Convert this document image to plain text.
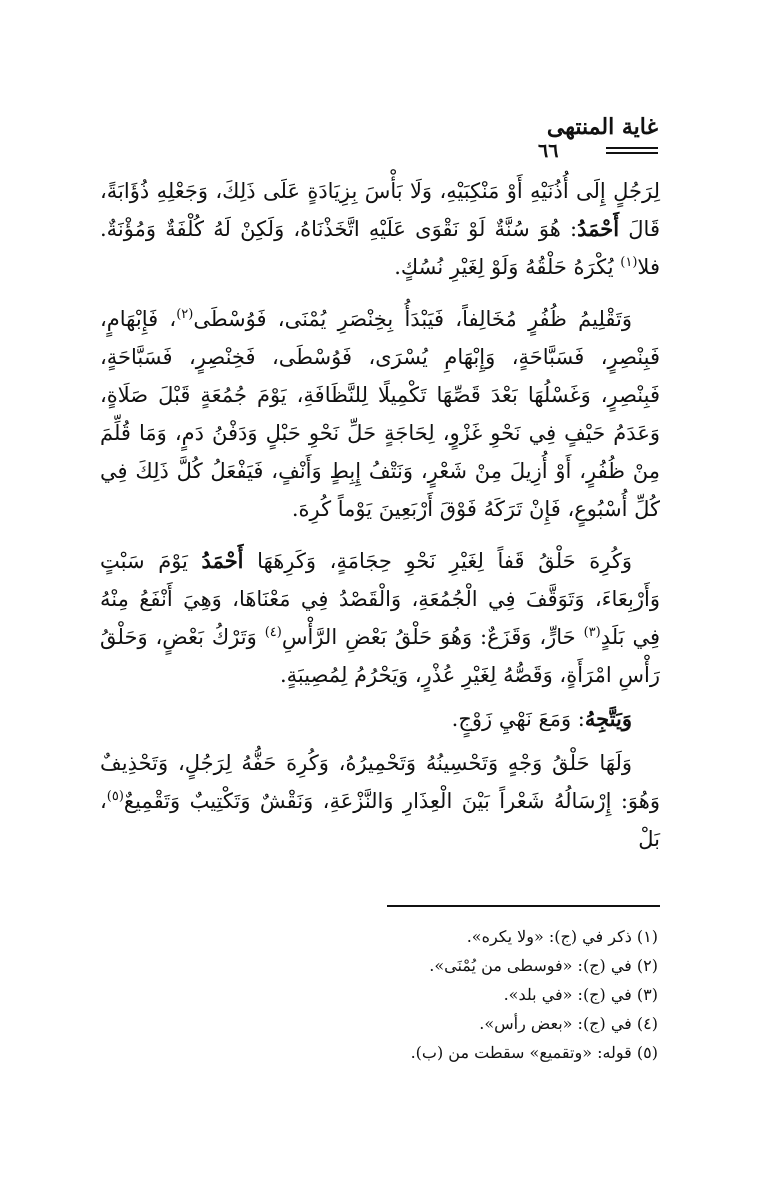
غاية المنتهى
٦٦

لِرَجُلٍ إِلَى أُذُنَيْهِ أَوْ مَنْكِبَيْهِ، وَلَا بَأْسَ بِزِيَادَةٍ عَلَى ذَلِكَ، وَجَعْلِهِ ذُؤَابَةً، قَالَ أَحْمَدُ: هُوَ سُنَّةٌ لَوْ نَقْوَى عَلَيْهِ اتَّخَذْنَاهُ، وَلَكِنْ لَهُ كُلْفَةٌ وَمُؤْنَةٌ. فلا$^{(١)}$ يُكْرَهُ حَلْقُهُ وَلَوْ لِغَيْرِ نُسُكٍ.

وَتَقْلِيمُ ظُفُرٍ مُخَالِفاً، فَيَبْدَأُ بِخِنْصَرِ يُمْنَى، فَوُسْطَى$^{(٢)}$، فَإِبْهَامٍ، فَبِنْصِرٍ، فَسَبَّاحَةٍ، وَإِبْهَامِ يُسْرَى، فَوُسْطَى، فَخِنْصِرٍ، فَسَبَّاحَةٍ، فَبِنْصِرٍ، وَغَسْلُهَا بَعْدَ قَصِّهَا تَكْمِيلًا لِلنَّظَافَةِ، يَوْمَ جُمُعَةٍ قَبْلَ صَلَاةٍ، وَعَدَمُ حَيْفٍ فِي نَحْوِ غَزْوٍ، لِحَاجَةٍ حَلِّ نَحْوِ حَبْلٍ وَدَفْنُ دَمٍ، وَمَا قُلِّمَ مِنْ ظُفُرٍ، أَوْ أُزِيلَ مِنْ شَعْرٍ، وَنَتْفُ إِبِطٍ وَأَنْفٍ، فَيَفْعَلُ كُلَّ ذَلِكَ فِي كُلِّ أُسْبُوعٍ، فَإِنْ تَرَكَهُ فَوْقَ أَرْبَعِينَ يَوْماً كُرِهَ.

وَكُرِهَ حَلْقُ قَفاً لِغَيْرِ نَحْوِ حِجَامَةٍ، وَكَرِهَهَا أَحْمَدُ يَوْمَ سَبْتٍ وَأَرْبِعَاءَ، وَتَوَقَّفَ فِي الْجُمُعَةِ، وَالْقَصْدُ فِي مَعْنَاهَا، وَهِيَ أَنْفَعُ مِنْهُ فِي بَلَدٍ$^{(٣)}$ حَارٍّ، وَقَزَعٌ: وَهُوَ حَلْقُ بَعْضِ الرَّأْسِ$^{(٤)}$ وَتَرْكُ بَعْضٍ، وَحَلْقُ رَأْسِ امْرَأَةٍ، وَقَصُّهُ لِغَيْرِ عُذْرٍ، وَيَحْرُمُ لِمُصِيبَةٍ.

وَيَتَّجِهُ: وَمَعَ نَهْيِ زَوْجٍ.

وَلَهَا حَلْقُ وَجْهٍ وَتَحْسِينُهُ وَتَحْمِيرُهُ، وَكُرِهَ حَفُّهُ لِرَجُلٍ، وَتَحْذِيفٌ وَهُوَ: إِرْسَالُهُ شَعْراً بَيْنَ الْعِذَارِ وَالنَّزْعَةِ، وَنَقْشٌ وَتَكْتِيبٌ وَتَقْمِيعٌ$^{(٥)}$، بَلْ

(١) ذكر في (ج): «ولا يكره».

(٢) في (ج): «فوسطى من يُمْنَى».

(٣) في (ج): «في بلد».

(٤) في (ج): «بعض رأس».

(٥) قوله: «وتقميع» سقطت من (ب).
